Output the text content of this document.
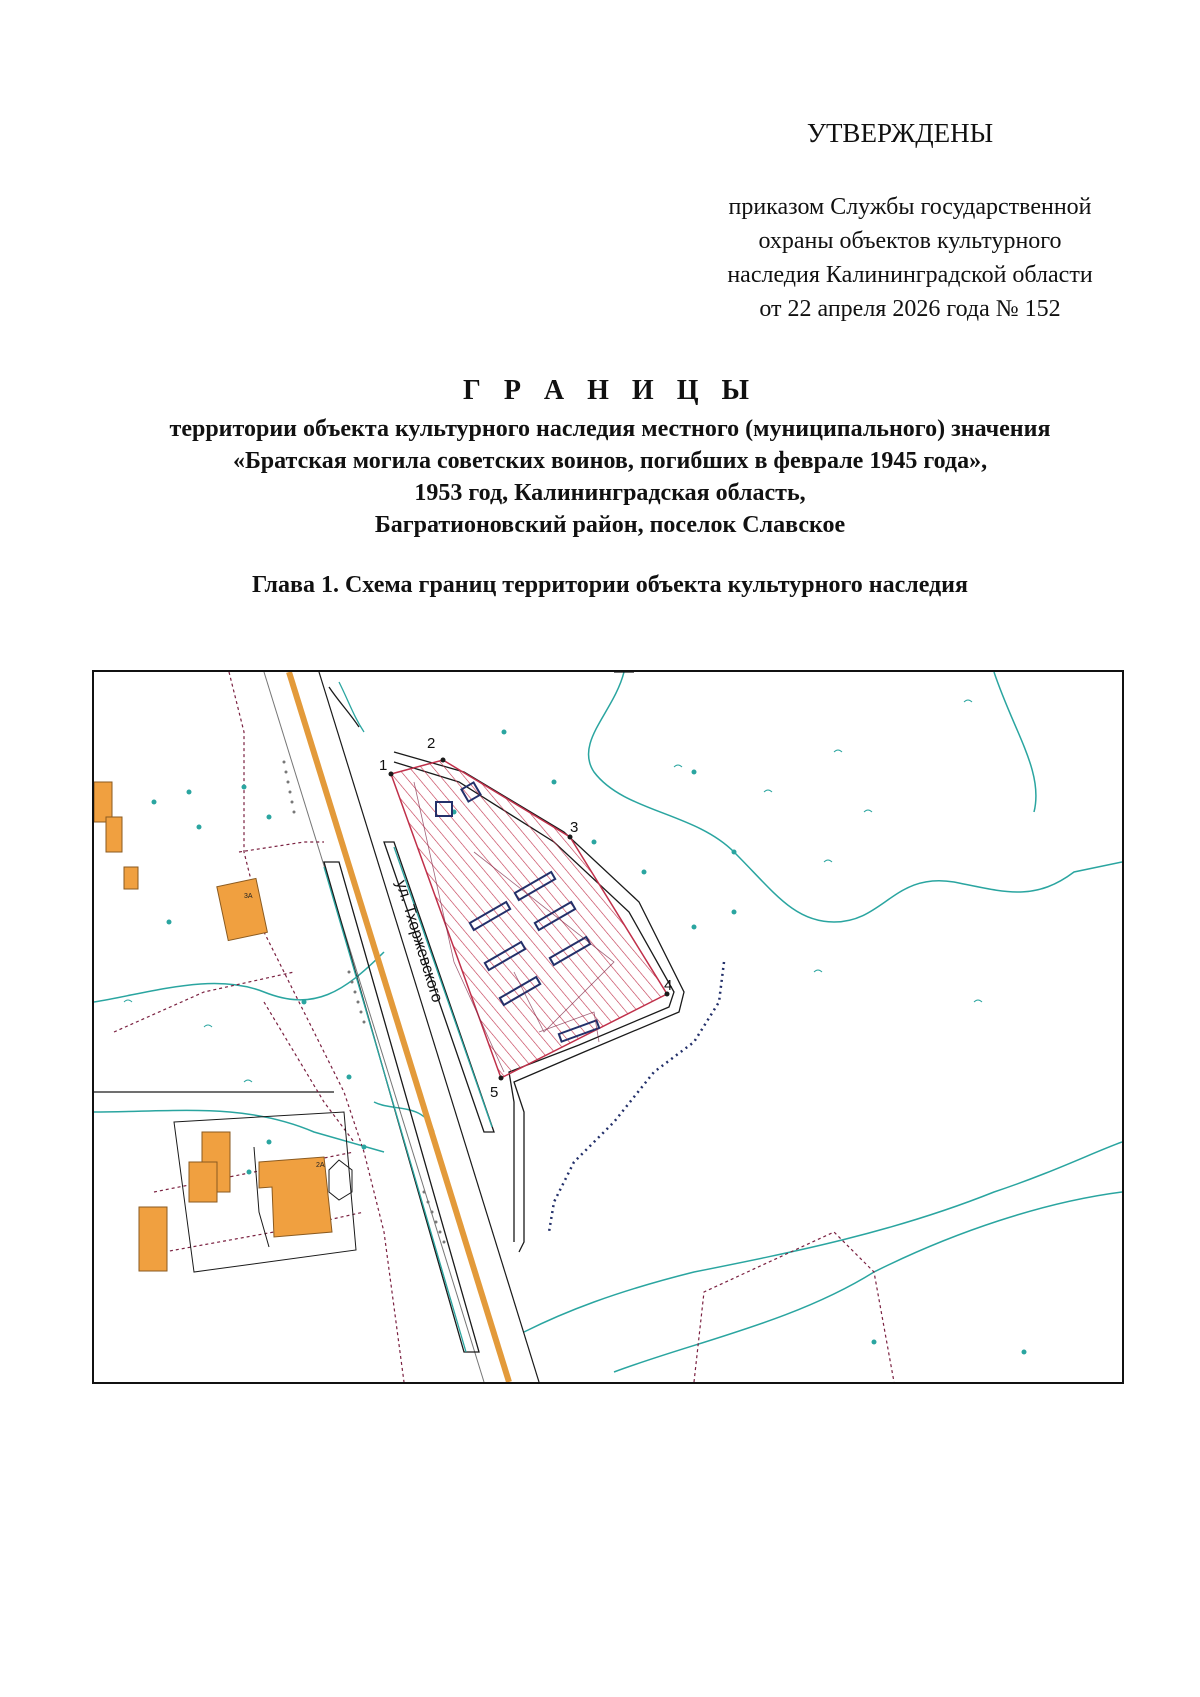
УТВЕРЖДЕНЫ
приказом Службы государственной
охраны объектов культурного
наследия Калининградской области
от 22 апреля 2026 года № 152
Г Р А Н И Ц Ы
территории объекта культурного наследия местного (муниципального) значения
«Братская могила советских воинов, погибших в феврале 1945 года»,
1953 год, Калининградская область,
Багратионовский район, поселок Славское
Глава 1. Схема границ территории объекта культурного наследия
3А
2А
1
2
3
4
5
ул. Тхоржевского
